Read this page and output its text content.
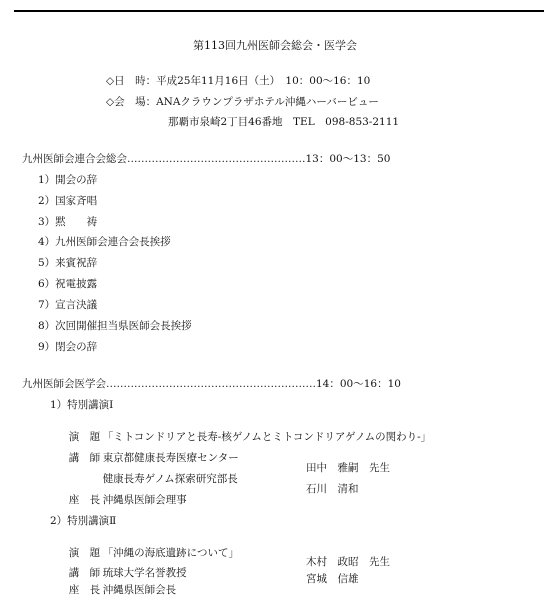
第113回九州医師会総会・医学会
◇日　時：平成25年11月16日（土）　10：00～16：10
◇会　場：ANAクラウンプラザホテル沖縄ハーバービュー
那覇市泉崎2丁目46番地　TEL　098-853-2111
九州医師会連合会総会……………………………………………13：00～13：50
1）開会の辞
2）国家斉唱
3）黙　　祷
4）九州医師会連合会長挨拶
5）来賓祝辞
6）祝電披露
7）宣言決議
8）次回開催担当県医師会長挨拶
9）閉会の辞
九州医師会医学会……………………………………………………14：00～16：10
1）特別講演Ⅰ

演　題 「ミトコンドリアと長寿-核ゲノムとミトコンドリアゲノムの関わり-」

講　師 東京都健康長寿医療センター

健康長寿ゲノム探索研究部長
田中　雅嗣　先生

座　長 沖縄県医師会理事
石川　清和

2）特別講演Ⅱ

演　題 「沖縄の海底遺跡について」

講　師 琉球大学名誉教授
木村　政昭　先生

座　長 沖縄県医師会長
宮城　信雄
